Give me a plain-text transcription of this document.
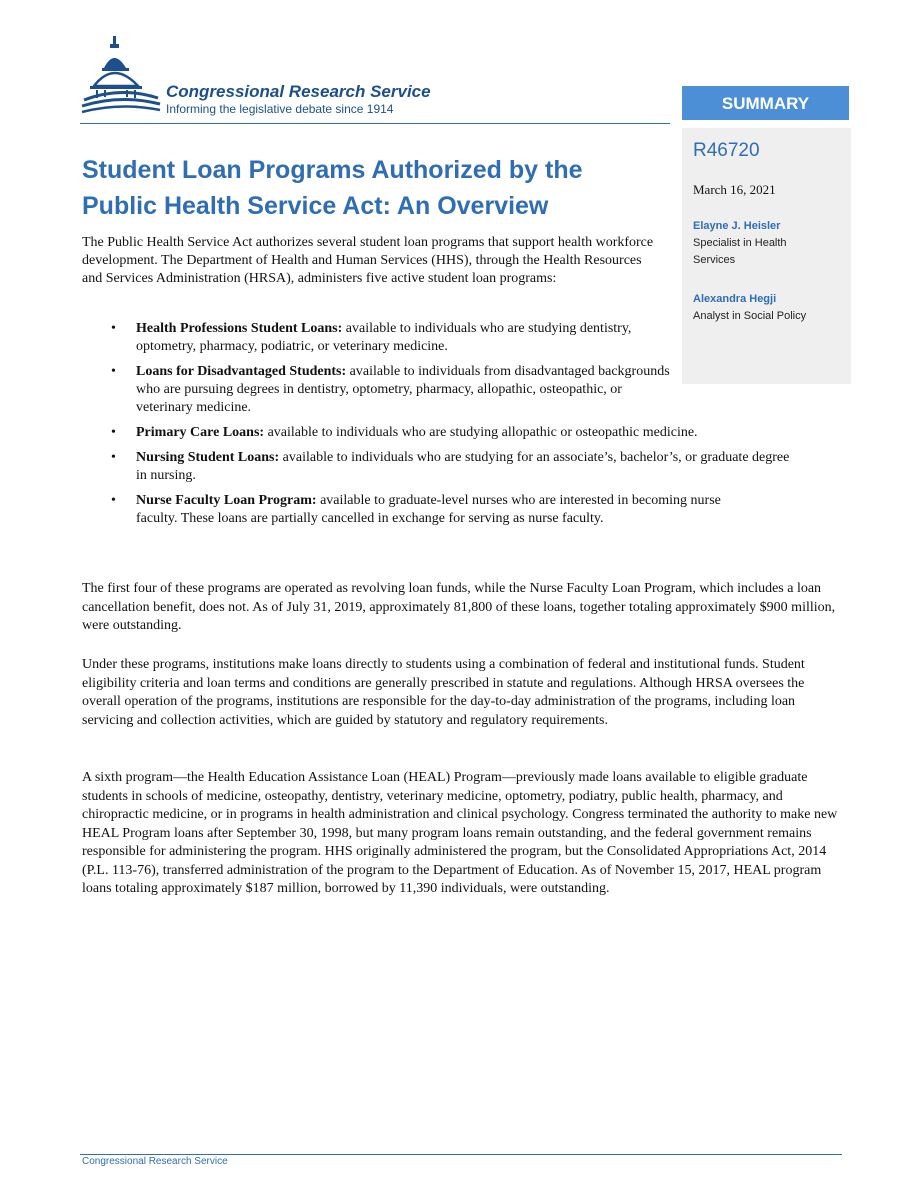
Congressional Research Service
Informing the legislative debate since 1914	SUMMARY
R46720
March 16, 2021
Elayne J. Heisler
Specialist in Health
Services
Alexandra Hegji
Analyst in Social Policy
Student Loan Programs Authorized by the
Public Health Service Act: An Overview

The Public Health Service Act authorizes several student loan programs that support health workforce development. The Department of Health and Human Services (HHS), through the Health Resources and Services Administration (HRSA), administers five active student loan programs:

• Health Professions Student Loans: available to individuals who are studying dentistry, optometry, pharmacy, podiatric, or veterinary medicine.
• Loans for Disadvantaged Students: available to individuals from disadvantaged backgrounds who are pursuing degrees in dentistry, optometry, pharmacy, allopathic, osteopathic, or veterinary medicine.
• Primary Care Loans: available to individuals who are studying allopathic or osteopathic medicine.
• Nursing Student Loans: available to individuals who are studying for an associate’s, bachelor’s, or graduate degree in nursing.
• Nurse Faculty Loan Program: available to graduate-level nurses who are interested in becoming nurse faculty. These loans are partially cancelled in exchange for serving as nurse faculty.

The first four of these programs are operated as revolving loan funds, while the Nurse Faculty Loan Program, which includes a loan cancellation benefit, does not. As of July 31, 2019, approximately 81,800 of these loans, together totaling approximately $900 million, were outstanding.

Under these programs, institutions make loans directly to students using a combination of federal and institutional funds. Student eligibility criteria and loan terms and conditions are generally prescribed in statute and regulations. Although HRSA oversees the overall operation of the programs, institutions are responsible for the day-to-day administration of the programs, including loan servicing and collection activities, which are guided by statutory and regulatory requirements.

A sixth program—the Health Education Assistance Loan (HEAL) Program—previously made loans available to eligible graduate students in schools of medicine, osteopathy, dentistry, veterinary medicine, optometry, podiatry, public health, pharmacy, and chiropractic medicine, or in programs in health administration and clinical psychology. Congress terminated the authority to make new HEAL Program loans after September 30, 1998, but many program loans remain outstanding, and the federal government remains responsible for administering the program. HHS originally administered the program, but the Consolidated Appropriations Act, 2014 (P.L. 113-76), transferred administration of the program to the Department of Education. As of November 15, 2017, HEAL program loans totaling approximately $187 million, borrowed by 11,390 individuals, were outstanding.

Congressional Research Service
